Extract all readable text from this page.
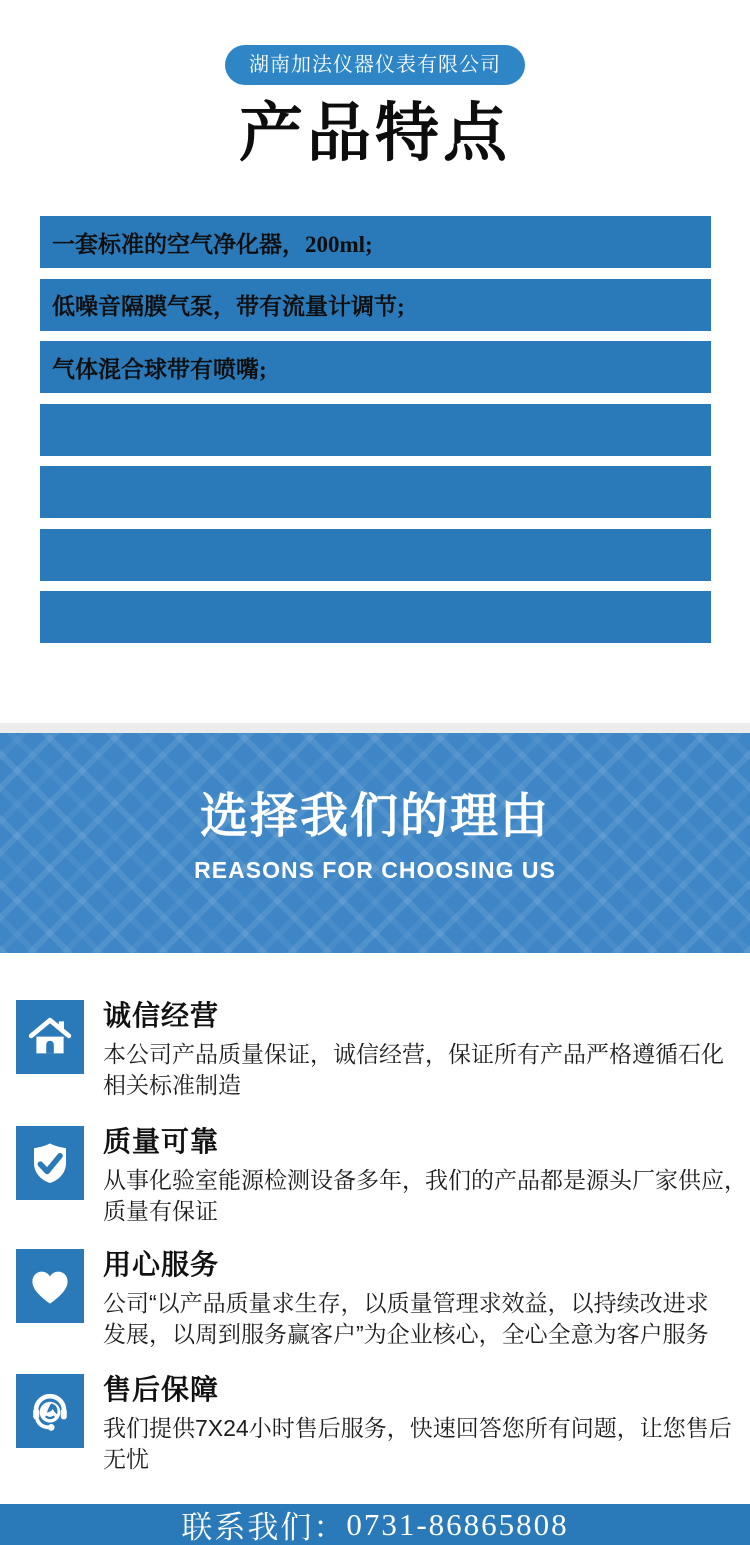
湖南加法仪器仪表有限公司
产品特点
一套标准的空气净化器，200ml;
低噪音隔膜气泵，带有流量计调节;
气体混合球带有喷嘴;
选择我们的理由
REASONS FOR CHOOSING US
诚信经营
本公司产品质量保证，诚信经营，保证所有产品严格遵循石化
相关标准制造
质量可靠
从事化验室能源检测设备多年，我们的产品都是源头厂家供应，
质量有保证
用心服务
公司“以产品质量求生存，以质量管理求效益，以持续改进求
发展，以周到服务赢客户”为企业核心，全心全意为客户服务
售后保障
我们提供7X24小时售后服务，快速回答您所有问题，让您售后
无忧
联系我们： 0731-86865808
